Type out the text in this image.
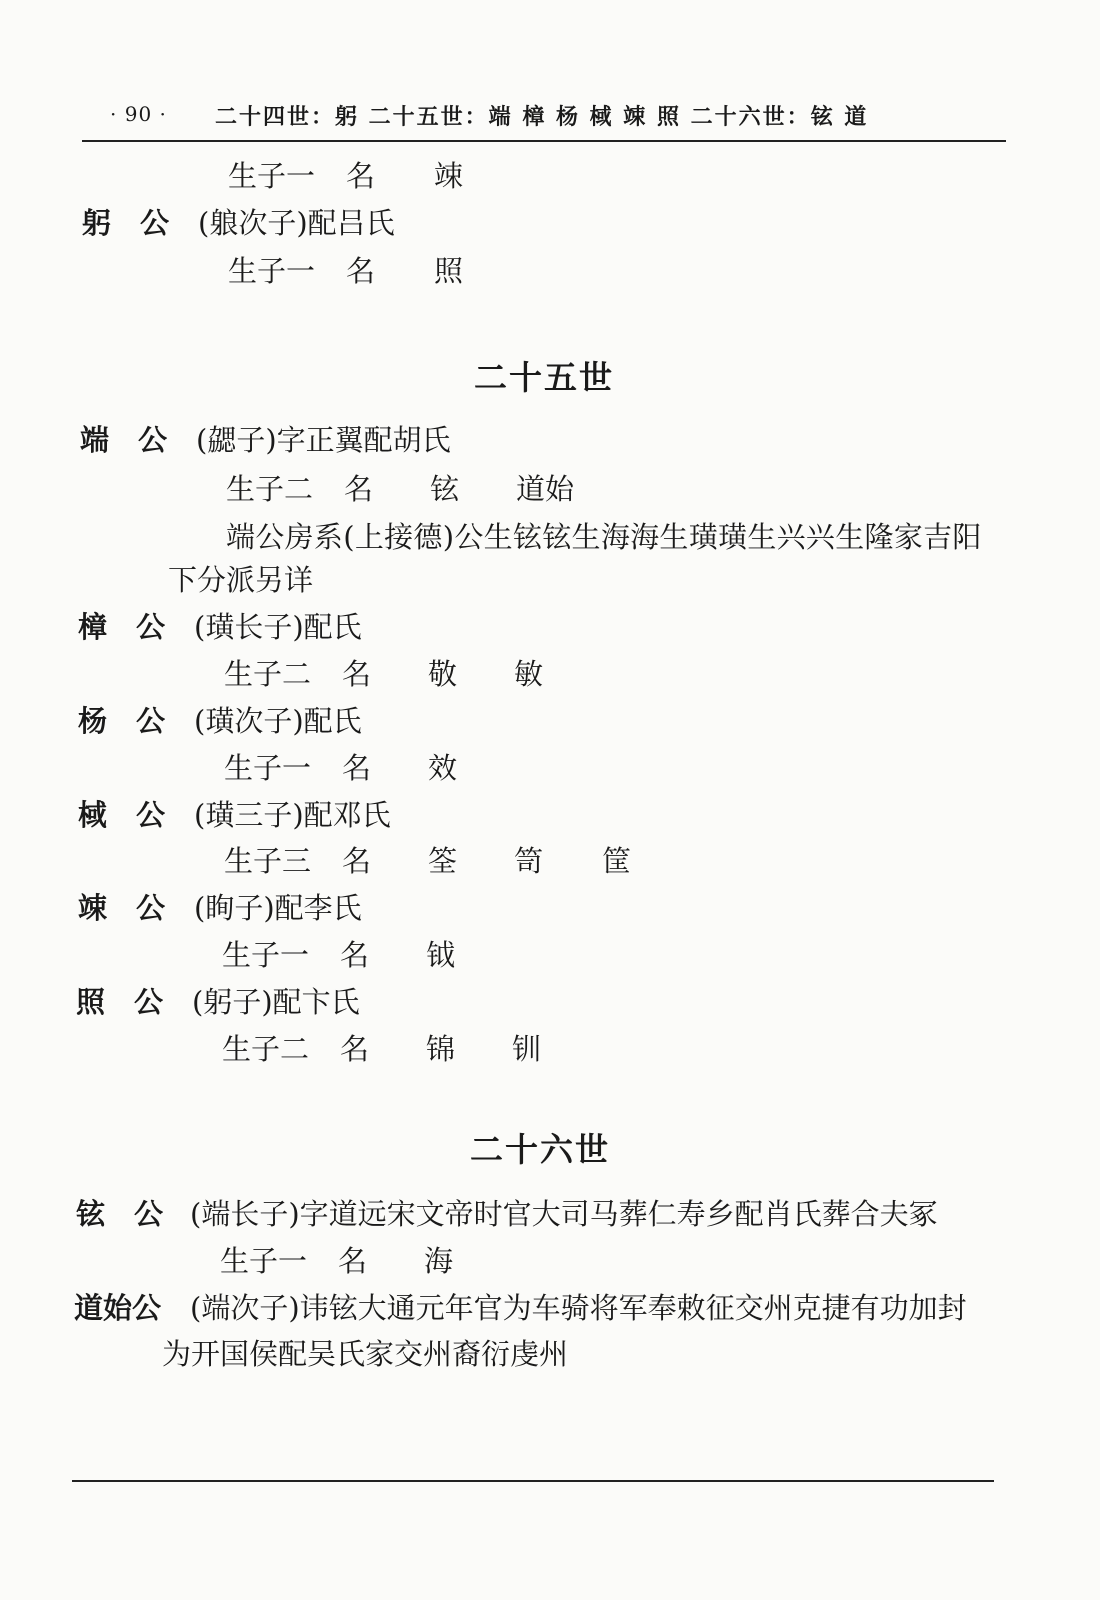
· 90 · 二十四世：躬 二十五世：端 樟 杨 棫 竦 照 二十六世：铉 道
生子一 名 竦
躬 公 (躴次子)配吕氏
生子一 名 照
二十五世
端 公 (勰子)字正翼配胡氏
生子二 名 铉 道始
端公房系(上接德)公生铉铉生海海生璜璜生兴兴生隆家吉阳
下分派另详
樟 公 (璜长子)配氏
生子二 名 敬 敏
杨 公 (璜次子)配氏
生子一 名 效
棫 公 (璜三子)配邓氏
生子三 名 筌 笥 筐
竦 公 (眴子)配李氏
生子一 名 钺
照 公 (躬子)配卞氏
生子二 名 锦 钏
二十六世
铉 公 (端长子)字道远宋文帝时官大司马葬仁寿乡配肖氏葬合夫冢
生子一 名 海
道始公 (端次子)讳铉大通元年官为车骑将军奉敕征交州克捷有功加封
为开国侯配吴氏家交州裔衍虔州
